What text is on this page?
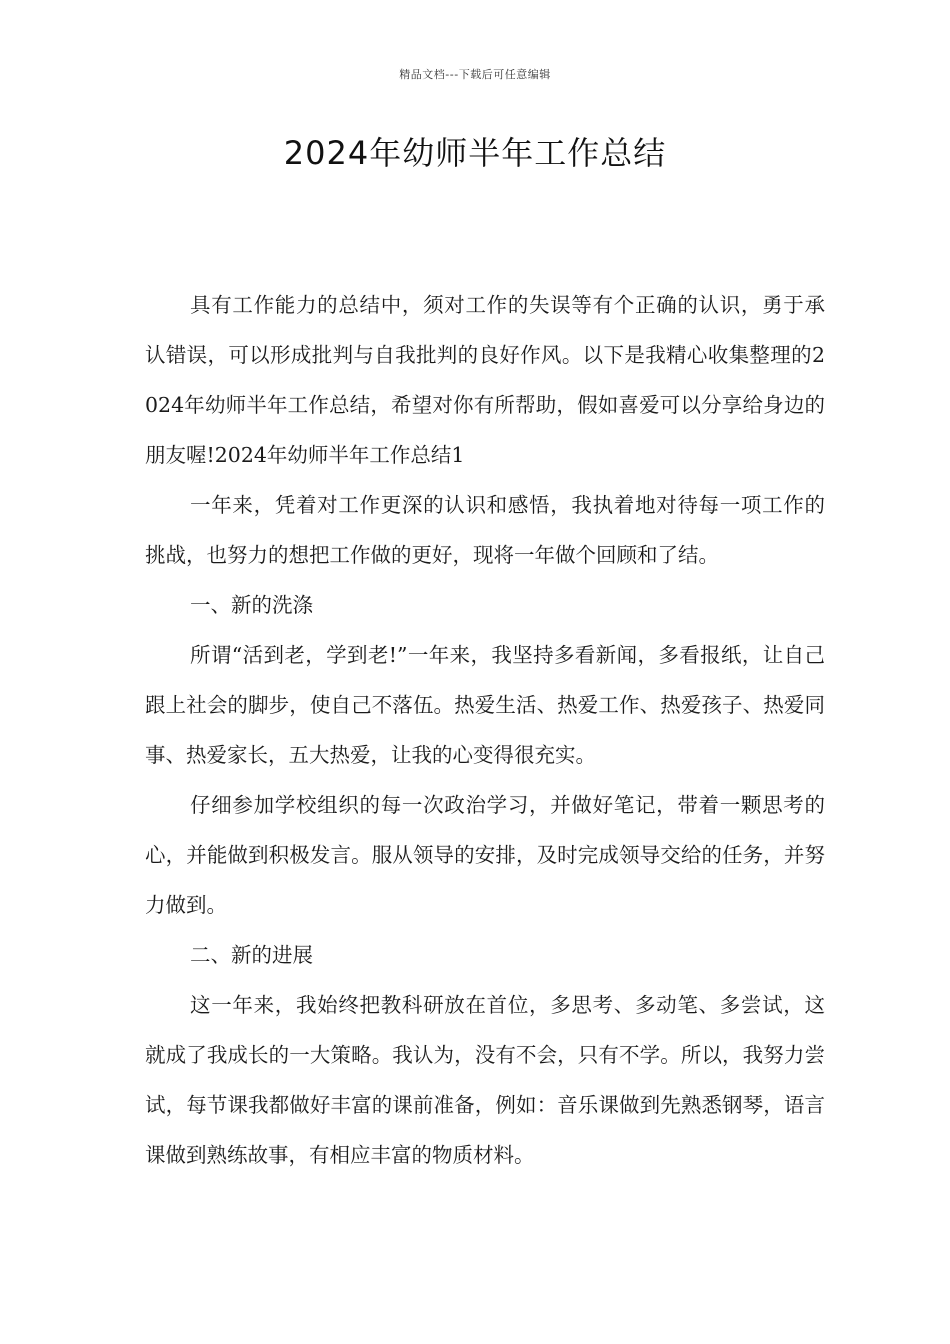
精品文档---下载后可任意编辑
2024年幼师半年工作总结

具有工作能力的总结中，须对工作的失误等有个正确的认识，勇于承认错误，可以形成批判与自我批判的良好作风。以下是我精心收集整理的2024年幼师半年工作总结，希望对你有所帮助，假如喜爱可以分享给身边的朋友喔!2024年幼师半年工作总结1

一年来，凭着对工作更深的认识和感悟，我执着地对待每一项工作的挑战，也努力的想把工作做的更好，现将一年做个回顾和了结。

一、新的洗涤

所谓“活到老，学到老!”一年来，我坚持多看新闻，多看报纸，让自己跟上社会的脚步，使自己不落伍。热爱生活、热爱工作、热爱孩子、热爱同事、热爱家长，五大热爱，让我的心变得很充实。

仔细参加学校组织的每一次政治学习，并做好笔记，带着一颗思考的心，并能做到积极发言。服从领导的安排，及时完成领导交给的任务，并努力做到。

二、新的进展

这一年来，我始终把教科研放在首位，多思考、多动笔、多尝试，这就成了我成长的一大策略。我认为，没有不会，只有不学。所以，我努力尝试，每节课我都做好丰富的课前准备，例如：音乐课做到先熟悉钢琴，语言课做到熟练故事，有相应丰富的物质材料。
